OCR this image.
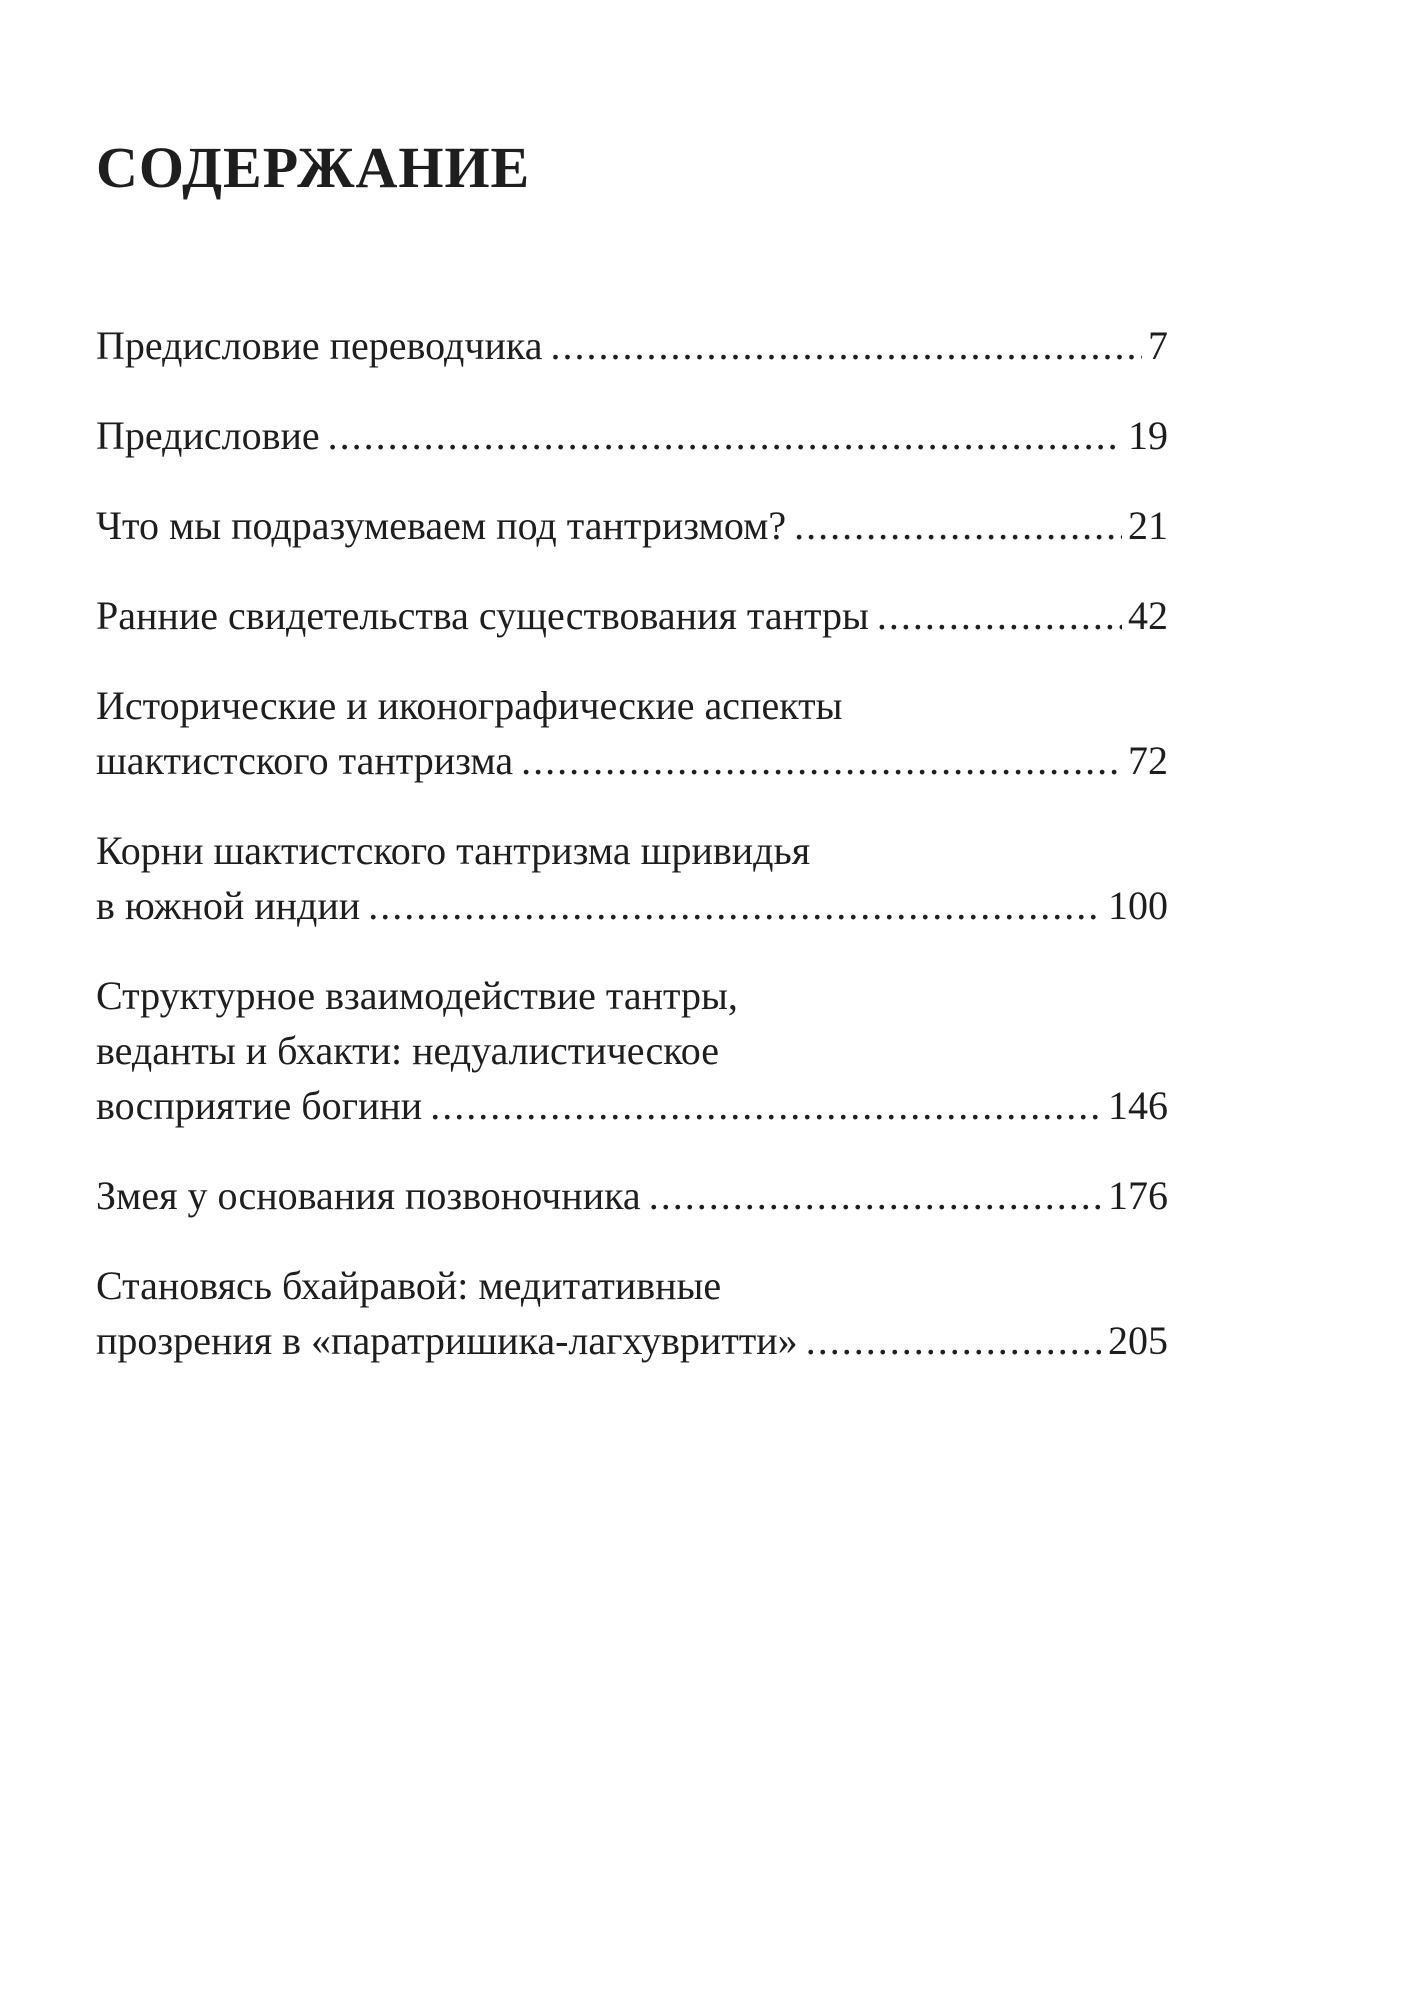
СОДЕРЖАНИЕ
Предисловие переводчика .....	7
Предисловие .....	19
Что мы подразумеваем под тантризмом? .....	21
Ранние свидетельства существования тантры .....	42
Исторические и иконографические аспекты
шактистского тантризма .....	72
Корни шактистского тантризма шривидья
в южной индии .....	100
Структурное взаимодействие тантры,
веданты и бхакти: недуалистическое
восприятие богини .....	146
Змея у основания позвоночника .....	176
Становясь бхайравой: медитативные
прозрения в «паратришика-лагхувритти» .....	205
